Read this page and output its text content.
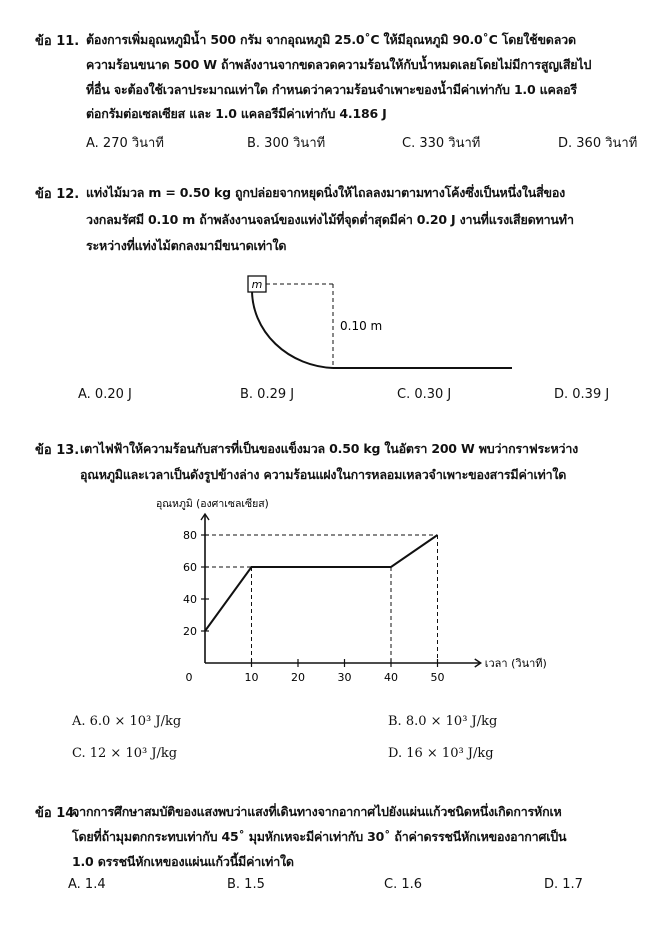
ข้อ 11. ต้องการเพิ่มอุณหภูมิน้ำ 500 กรัม จากอุณหภูมิ 25.0˚C ให้มีอุณหภูมิ 90.0˚C โดยใช้ขดลวด
ความร้อนขนาด 500 W ถ้าพลังงานจากขดลวดความร้อนให้กับน้ำหมดเลยโดยไม่มีการสูญเสียไป
ที่อื่น จะต้องใช้เวลาประมาณเท่าใด กำหนดว่าความร้อนจำเพาะของน้ำมีค่าเท่ากับ 1.0 แคลอรี
ต่อกรัมต่อเซลเซียส และ 1.0 แคลอรีมีค่าเท่ากับ 4.186 J
A. 270 วินาที	B. 300 วินาที	C. 330 วินาที	D. 360 วินาที
ข้อ 12. แท่งไม้มวล m = 0.50 kg ถูกปล่อยจากหยุดนิ่งให้ไถลลงมาตามทางโค้งซึ่งเป็นหนึ่งในสี่ของ
วงกลมรัศมี 0.10 m ถ้าพลังงานจลน์ของแท่งไม้ที่จุดต่ำสุดมีค่า 0.20 J งานที่แรงเสียดทานทำ
ระหว่างที่แท่งไม้ตกลงมามีขนาดเท่าใด
m
0.10 m
A. 0.20 J	B. 0.29 J	C. 0.30 J	D. 0.39 J
ข้อ 13. เตาไฟฟ้าให้ความร้อนกับสารที่เป็นของแข็งมวล 0.50 kg ในอัตรา 200 W พบว่ากราฟระหว่าง
อุณหภูมิและเวลาเป็นดังรูปข้างล่าง ความร้อนแฝงในการหลอมเหลวจำเพาะของสารมีค่าเท่าใด
อุณหภูมิ (องศาเซลเซียส)
0	10	20	30	40	50
20
40
60
80
เวลา (วินาที)
A. 6.0 × 10³ J/kg	B. 8.0 × 10³ J/kg
C. 12 × 10³ J/kg	D. 16 × 10³ J/kg
ข้อ 14.
จากการศึกษาสมบัติของแสงพบว่าแสงที่เดินทางจากอากาศไปยังแผ่นแก้วชนิดหนึ่งเกิดการหักเห
โดยที่ถ้ามุมตกกระทบเท่ากับ 45˚ มุมหักเหจะมีค่าเท่ากับ 30˚ ถ้าค่าดรรชนีหักเหของอากาศเป็น
1.0 ดรรชนีหักเหของแผ่นแก้วนี้มีค่าเท่าใด
A. 1.4	B. 1.5	C. 1.6	D. 1.7
